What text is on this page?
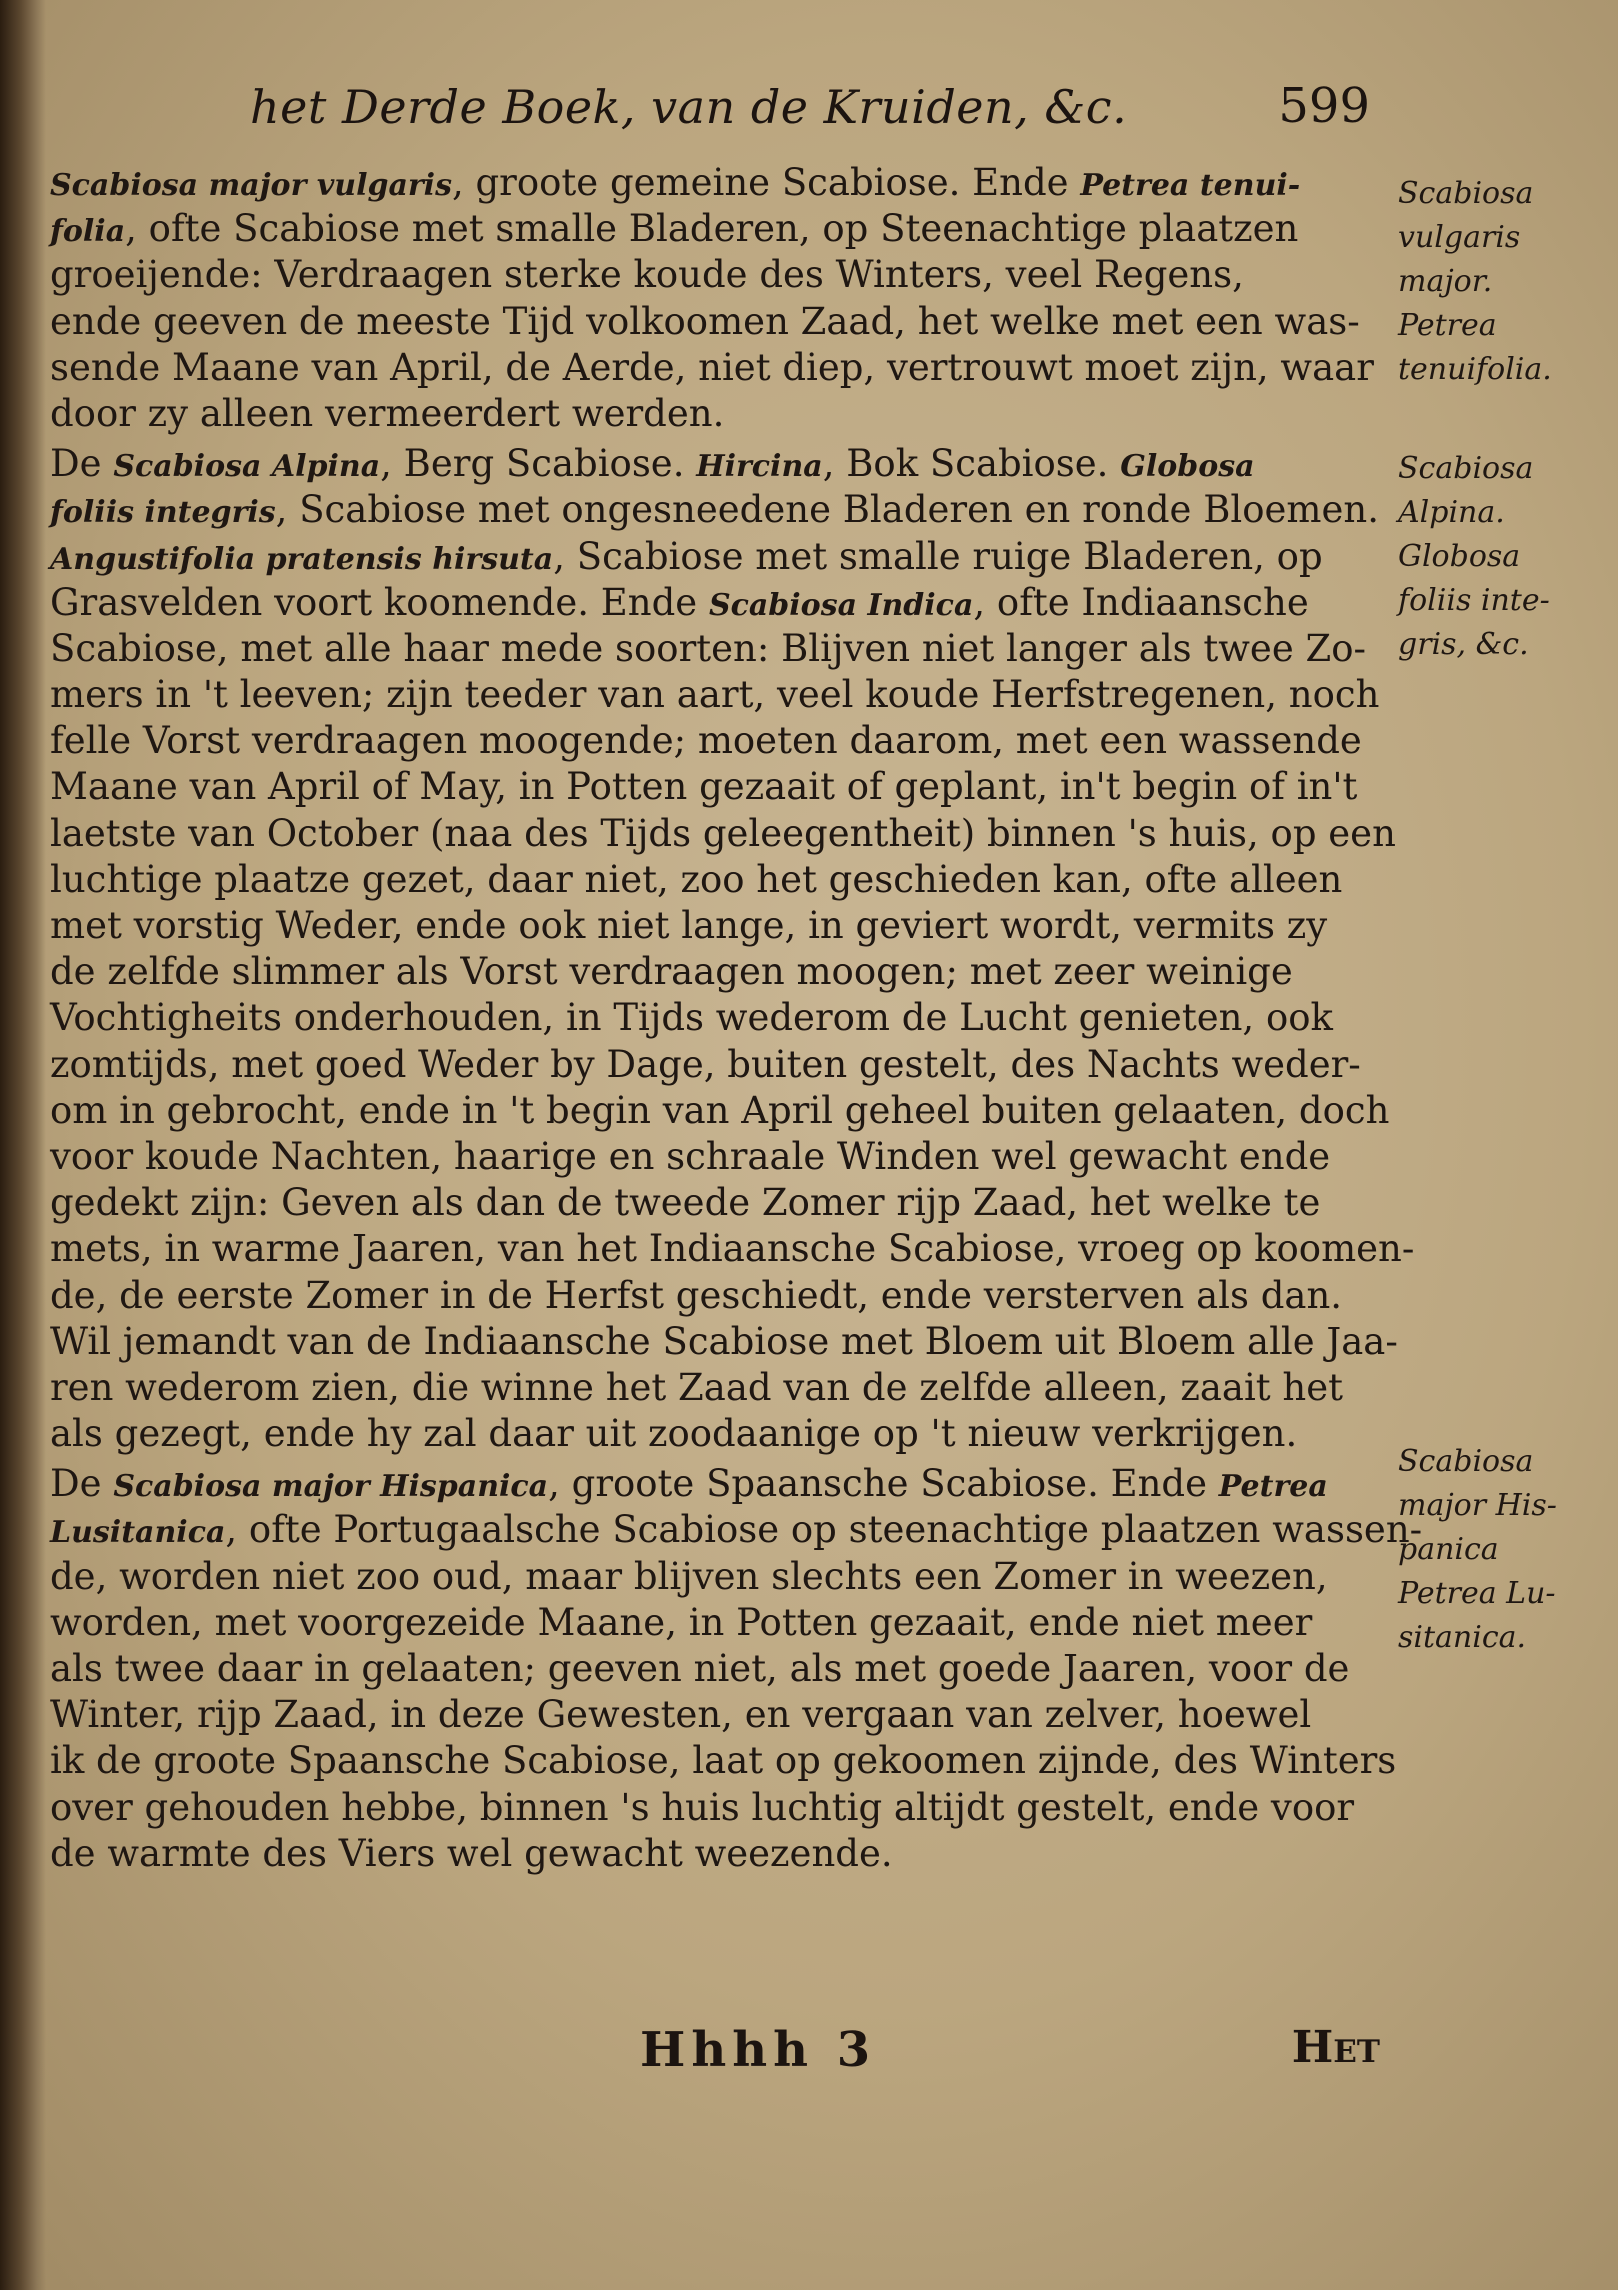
het Derde Boek, van de Kruiden, &c.	599
Scabiosa major vulgaris, groote gemeine Scabiose. Ende Petrea tenui-
folia, ofte Scabiose met smalle Bladeren, op Steenachtige plaatzen
groeijende: Verdraagen sterke koude des Winters, veel Regens,
ende geeven de meeste Tijd volkoomen Zaad, het welke met een was-
sende Maane van April, de Aerde, niet diep, vertrouwt moet zijn, waar
door zy alleen vermeerdert werden.
De Scabiosa Alpina, Berg Scabiose. Hircina, Bok Scabiose. Globosa
foliis integris, Scabiose met ongesneedene Bladeren en ronde Bloemen.
Angustifolia pratensis hirsuta, Scabiose met smalle ruige Bladeren, op
Grasvelden voort koomende. Ende Scabiosa Indica, ofte Indiaansche
Scabiose, met alle haar mede soorten: Blijven niet langer als twee Zo-
mers in 't leeven; zijn teeder van aart, veel koude Herfstregenen, noch
felle Vorst verdraagen moogende; moeten daarom, met een wassende
Maane van April of May, in Potten gezaait of geplant, in't begin of in't
laetste van October (naa des Tijds geleegentheit) binnen 's huis, op een
luchtige plaatze gezet, daar niet, zoo het geschieden kan, ofte alleen
met vorstig Weder, ende ook niet lange, in geviert wordt, vermits zy
de zelfde slimmer als Vorst verdraagen moogen; met zeer weinige
Vochtigheits onderhouden, in Tijds wederom de Lucht genieten, ook
zomtijds, met goed Weder by Dage, buiten gestelt, des Nachts weder-
om in gebrocht, ende in 't begin van April geheel buiten gelaaten, doch
voor koude Nachten, haarige en schraale Winden wel gewacht ende
gedekt zijn: Geven als dan de tweede Zomer rijp Zaad, het welke te
mets, in warme Jaaren, van het Indiaansche Scabiose, vroeg op koomen-
de, de eerste Zomer in de Herfst geschiedt, ende versterven als dan.
Wil jemandt van de Indiaansche Scabiose met Bloem uit Bloem alle Jaa-
ren wederom zien, die winne het Zaad van de zelfde alleen, zaait het
als gezegt, ende hy zal daar uit zoodaanige op 't nieuw verkrijgen.
De Scabiosa major Hispanica, groote Spaansche Scabiose. Ende Petrea
Lusitanica, ofte Portugaalsche Scabiose op steenachtige plaatzen wassen-
de, worden niet zoo oud, maar blijven slechts een Zomer in weezen,
worden, met voorgezeide Maane, in Potten gezaait, ende niet meer
als twee daar in gelaaten; geeven niet, als met goede Jaaren, voor de
Winter, rijp Zaad, in deze Gewesten, en vergaan van zelver, hoewel
ik de groote Spaansche Scabiose, laat op gekoomen zijnde, des Winters
over gehouden hebbe, binnen 's huis luchtig altijdt gestelt, ende voor
de warmte des Viers wel gewacht weezende.
Scabiosa
vulgaris
major.
Petrea
tenuifolia.
Scabiosa
Alpina.
Globosa
foliis inte-
gris, &c.
Scabiosa
major His-
panica
Petrea Lu-
sitanica.
Hhhh 3	Het
